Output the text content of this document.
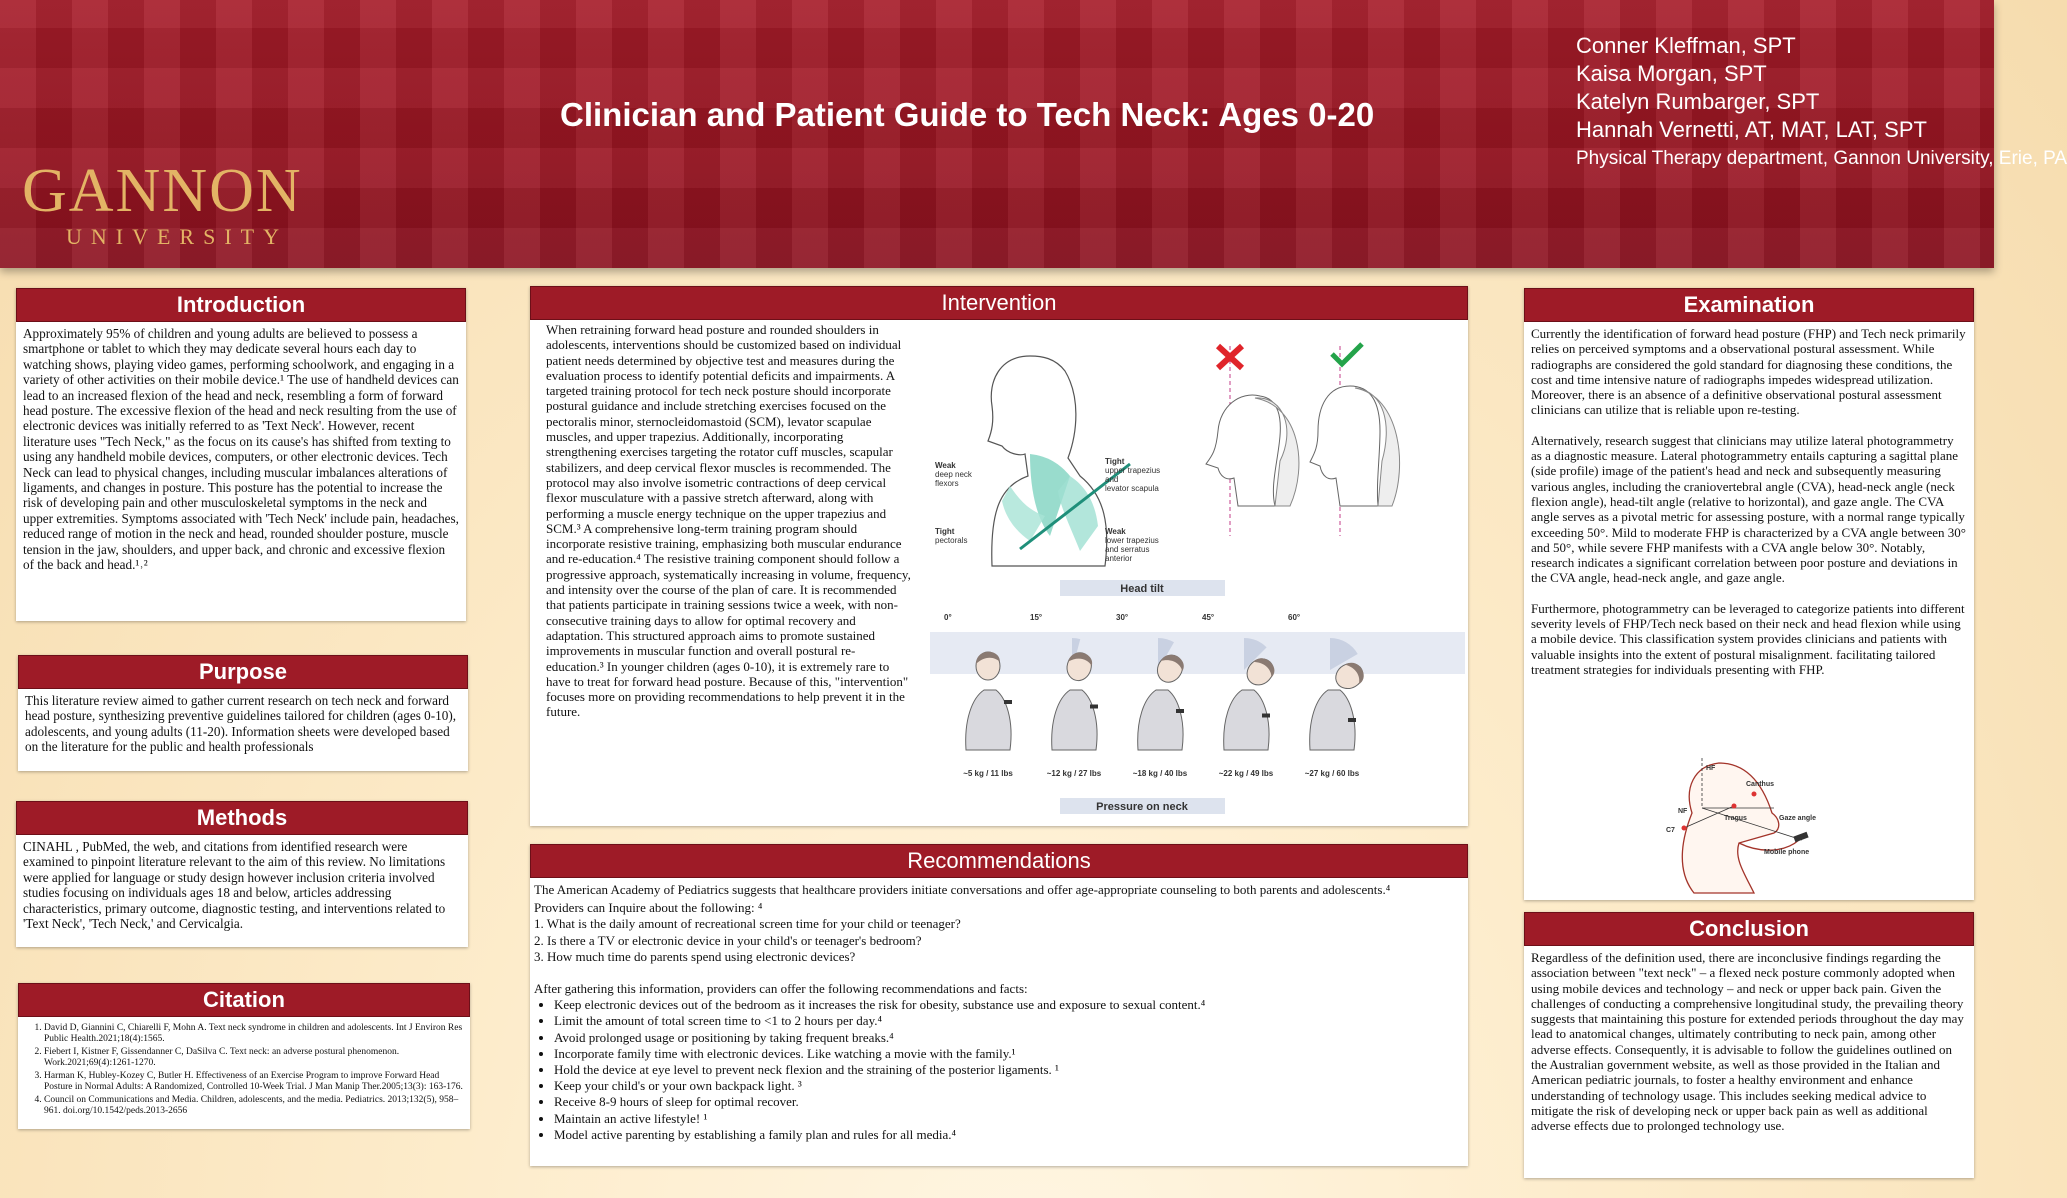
GANNON
UNIVERSITY
Clinician and Patient Guide to Tech Neck: Ages 0-20
Conner Kleffman, SPT
Kaisa Morgan, SPT
Katelyn Rumbarger, SPT
Hannah Vernetti, AT, MAT, LAT, SPT
Physical Therapy department, Gannon University, Erie, PA
Introduction
Approximately 95% of children and young adults are believed to possess a smartphone or tablet to which they may dedicate several hours each day to watching shows, playing video games, performing schoolwork, and engaging in a variety of other activities on their mobile device.¹ The use of handheld devices can lead to an increased flexion of the head and neck, resembling a form of forward head posture. The excessive flexion of the head and neck resulting from the use of electronic devices was initially referred to as 'Text Neck'. However, recent literature uses "Tech Neck," as the focus on its cause's has shifted from texting to using any handheld mobile devices, computers, or other electronic devices. Tech Neck can lead to physical changes, including muscular imbalances alterations of ligaments, and changes in posture. This posture has the potential to increase the risk of developing pain and other musculoskeletal symptoms in the neck and upper extremities. Symptoms associated with 'Tech Neck' include pain, headaches, reduced range of motion in the neck and head, rounded shoulder posture, muscle tension in the jaw, shoulders, and upper back, and chronic and excessive flexion of the back and head.¹˒²
Purpose
This literature review aimed to gather current research on tech neck and forward head posture, synthesizing preventive guidelines tailored for children (ages 0-10), adolescents, and young adults (11-20). Information sheets were developed based on the literature for the public and health professionals
Methods
CINAHL , PubMed, the web, and citations from identified research were examined to pinpoint literature relevant to the aim of this review. No limitations were applied for language or study design however inclusion criteria involved studies focusing on individuals ages 18 and below, articles addressing characteristics, primary outcome, diagnostic testing, and interventions related to 'Text Neck', 'Tech Neck,' and Cervicalgia.
Citation
1. David D, Giannini C, Chiarelli F, Mohn A. Text neck syndrome in children and adolescents. Int J Environ Res Public Health.2021;18(4):1565.
2. Fiebert I, Kistner F, Gissendanner C, DaSilva C. Text neck: an adverse postural phenomenon. Work.2021;69(4):1261-1270.
3. Harman K, Hubley-Kozey C, Butler H. Effectiveness of an Exercise Program to improve Forward Head Posture in Normal Adults: A Randomized, Controlled 10-Week Trial. J Man Manip Ther.2005;13(3): 163-176.
4. Council on Communications and Media. Children, adolescents, and the media. Pediatrics. 2013;132(5), 958–961. doi.org/10.1542/peds.2013-2656
Intervention
When retraining forward head posture and rounded shoulders in adolescents, interventions should be customized based on individual patient needs determined by objective test and measures during the evaluation process to identify potential deficits and impairments. A targeted training protocol for tech neck posture should incorporate postural guidance and include stretching exercises focused on the pectoralis minor, sternocleidomastoid (SCM), levator scapulae muscles, and upper trapezius. Additionally, incorporating strengthening exercises targeting the rotator cuff muscles, scapular stabilizers, and deep cervical flexor muscles is recommended. The protocol may also involve isometric contractions of deep cervical flexor musculature with a passive stretch afterward, along with performing a muscle energy technique on the upper trapezius and SCM.³ A comprehensive long-term training program should incorporate resistive training, emphasizing both muscular endurance and re-education.⁴ The resistive training component should follow a progressive approach, systematically increasing in volume, frequency, and intensity over the course of the plan of care. It is recommended that patients participate in training sessions twice a week, with non-consecutive training days to allow for optimal recovery and adaptation. This structured approach aims to promote sustained improvements in muscular function and overall postural re-education.³ In younger children (ages 0-10), it is extremely rare to have to treat for forward head posture. Because of this, "intervention" focuses more on providing recommendations to help prevent it in the future.
Weak
deep neck
flexors
Tight
pectorals
Tight
upper trapezius
and
levator scapula
Weak
lower trapezius
and serratus
anterior
Head tilt
0°
~5 kg / 11 lbs
15°
~12 kg / 27 lbs
30°
~18 kg / 40 lbs
45°
~22 kg / 49 lbs
60°
~27 kg / 60 lbs
Pressure on neck
Recommendations

The American Academy of Pediatrics suggests that healthcare providers initiate conversations and offer age-appropriate counseling to both parents and adolescents.⁴

Providers can Inquire about the following: ⁴

1. What is the daily amount of recreational screen time for your child or teenager?
2. Is there a TV or electronic device in your child's or teenager's bedroom?
3. How much time do parents spend using electronic devices?

After gathering this information, providers can offer the following recommendations and facts:

• Keep electronic devices out of the bedroom as it increases the risk for obesity, substance use and exposure to sexual content.⁴
• Limit the amount of total screen time to <1 to 2 hours per day.⁴
• Avoid prolonged usage or positioning by taking frequent breaks.⁴
• Incorporate family time with electronic devices. Like watching a movie with the family.¹
• Hold the device at eye level to prevent neck flexion and the straining of the posterior ligaments. ¹
• Keep your child's or your own backpack light. ³
• Receive 8-9 hours of sleep for optimal recover.
• Maintain an active lifestyle! ¹
• Model active parenting by establishing a family plan and rules for all media.⁴
Examination

Currently the identification of forward head posture (FHP) and Tech neck primarily relies on perceived symptoms and a observational postural assessment. While radiographs are considered the gold standard for diagnosing these conditions, the cost and time intensive nature of radiographs impedes widespread utilization. Moreover, there is an absence of a definitive observational postural assessment clinicians can utilize that is reliable upon re-testing.

Alternatively, research suggest that clinicians may utilize lateral photogrammetry as a diagnostic measure. Lateral photogrammetry entails capturing a sagittal plane (side profile) image of the patient's head and neck and subsequently measuring various angles, including the craniovertebral angle (CVA), head-neck angle (neck flexion angle), head-tilt angle (relative to horizontal), and gaze angle. The CVA angle serves as a pivotal metric for assessing posture, with a normal range typically exceeding 50°. Mild to moderate FHP is characterized by a CVA angle between 30° and 50°, while severe FHP manifests with a CVA angle below 30°. Notably, research indicates a significant correlation between poor posture and deviations in the CVA angle, head-neck angle, and gaze angle.

Furthermore, photogrammetry can be leveraged to categorize patients into different severity levels of FHP/Tech neck based on their neck and head flexion while using a mobile device. This classification system provides clinicians and patients with valuable insights into the extent of postural misalignment. facilitating tailored treatment strategies for individuals presenting with FHP.

HF
Canthus
NF
Tragus	Gaze angle
C7
Mobile phone
Conclusion
Regardless of the definition used, there are inconclusive findings regarding the association between "text neck" – a flexed neck posture commonly adopted when using mobile devices and technology – and neck or upper back pain. Given the challenges of conducting a comprehensive longitudinal study, the prevailing theory suggests that maintaining this posture for extended periods throughout the day may lead to anatomical changes, ultimately contributing to neck pain, among other adverse effects. Consequently, it is advisable to follow the guidelines outlined on the Australian government website, as well as those provided in the Italian and American pediatric journals, to foster a healthy environment and enhance understanding of technology usage. This includes seeking medical advice to mitigate the risk of developing neck or upper back pain as well as additional adverse effects due to prolonged technology use.
